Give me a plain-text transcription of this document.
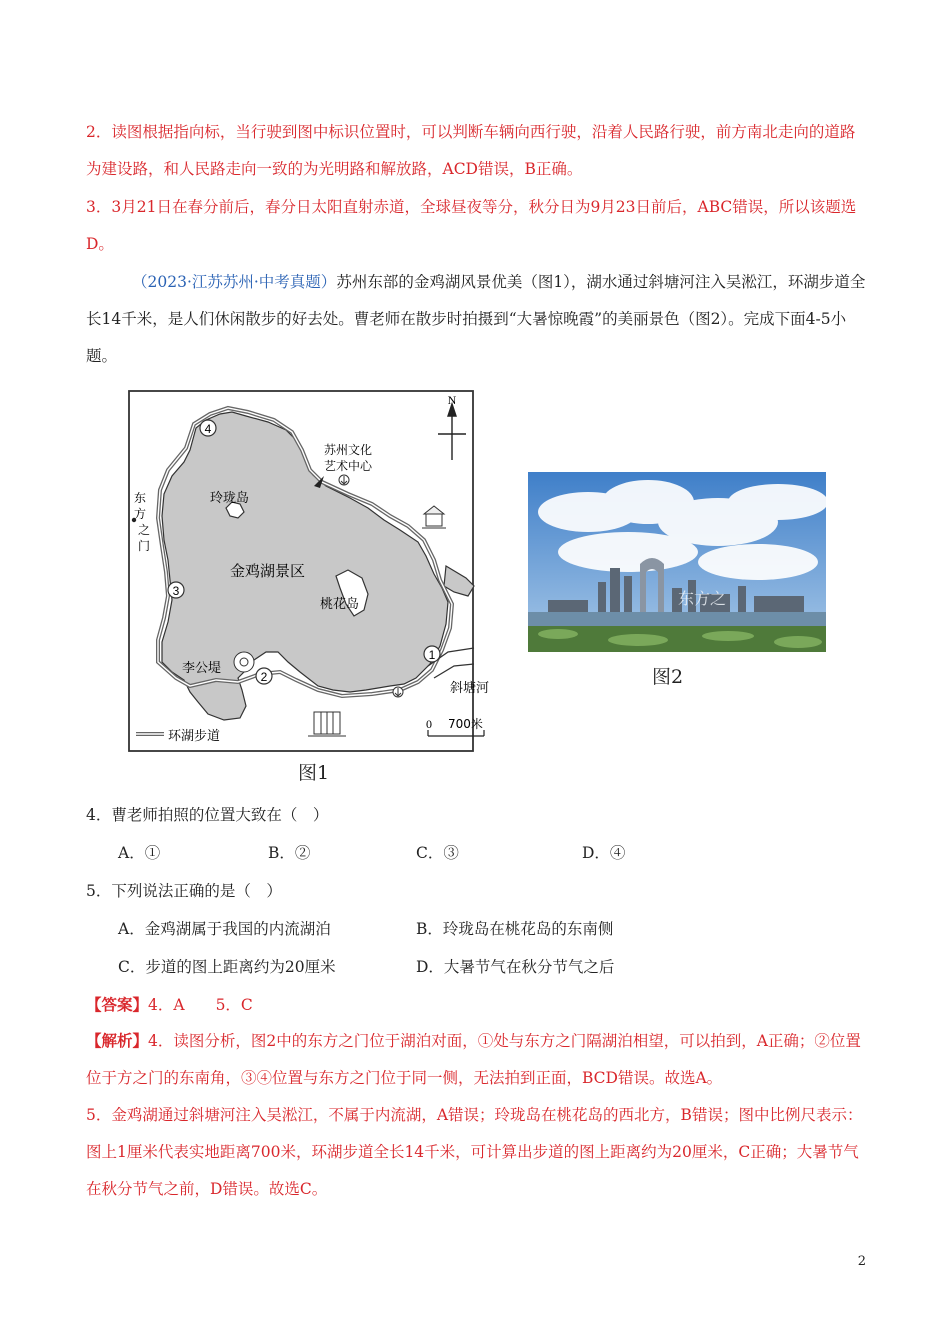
2．读图根据指向标，当行驶到图中标识位置时，可以判断车辆向西行驶，沿着人民路行驶，前方南北走向的道路为建设路，和人民路走向一致的为光明路和解放路，ACD错误，B正确。

3．3月21日在春分前后，春分日太阳直射赤道，全球昼夜等分，秋分日为9月23日前后，ABC错误，所以该题选D。

（2023·江苏苏州·中考真题）苏州东部的金鸡湖风景优美（图1），湖水通过斜塘河注入吴淞江，环湖步道全长14千米，是人们休闲散步的好去处。曹老师在散步时拍摄到“大暑惊晚霞”的美丽景色（图2）。完成下面4-5小题。

4
3
2
1
N
苏州文化
艺术中心
玲珑岛
金鸡湖景区
桃花岛
李公堤
斜塘河
东
方
之
门
0 700米
环湖步道
图1
东方之
图2
4．曹老师拍照的位置大致在（　）
A．①	B．②	C．③	D．④
5．下列说法正确的是（　）
A．金鸡湖属于我国的内流湖泊	B．玲珑岛在桃花岛的东南侧
C．步道的图上距离约为20厘米	D．大暑节气在秋分节气之后
【答案】4．A　　5．C

【解析】4．读图分析，图2中的东方之门位于湖泊对面，①处与东方之门隔湖泊相望，可以拍到，A正确；②位置位于方之门的东南角，③④位置与东方之门位于同一侧，无法拍到正面，BCD错误。故选A。

5．金鸡湖通过斜塘河注入吴淞江，不属于内流湖，A错误；玲珑岛在桃花岛的西北方，B错误；图中比例尺表示：图上1厘米代表实地距离700米，环湖步道全长14千米，可计算出步道的图上距离约为20厘米，C正确；大暑节气在秋分节气之前，D错误。故选C。

2
